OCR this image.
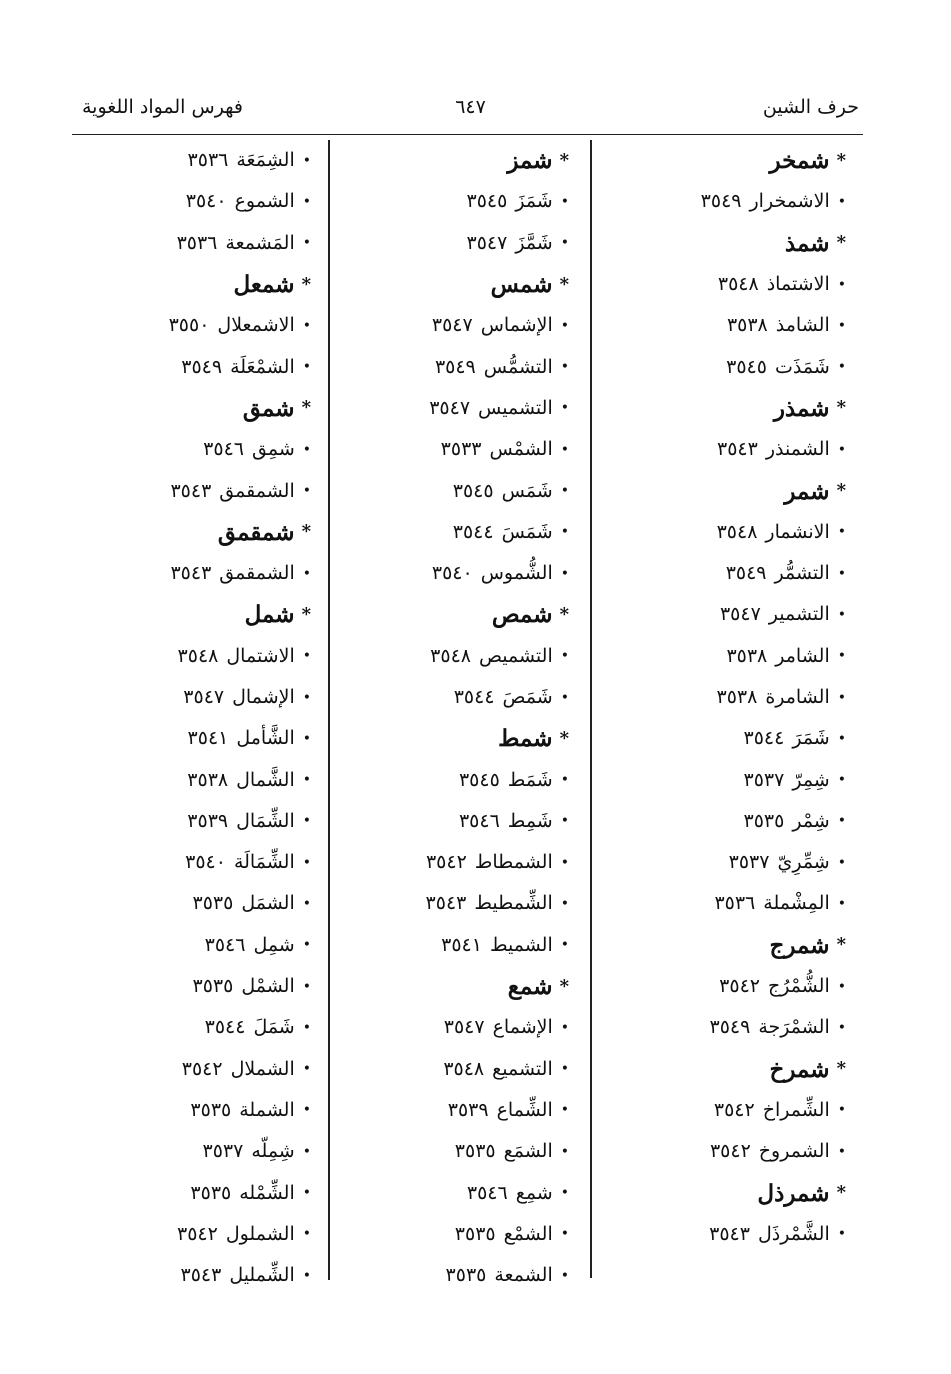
حرف الشين
٦٤٧
فهرس المواد اللغوية
*
شمخر
•
الاشمخرار
٣٥٤٩
*
شمذ
•
الاشتماذ
٣٥٤٨
•
الشامذ
٣٥٣٨
•
شَمَذَت
٣٥٤٥
*
شمذر
•
الشمنذر
٣٥٤٣
*
شمر
•
الانشمار
٣٥٤٨
•
التشمُّر
٣٥٤٩
•
التشمير
٣٥٤٧
•
الشامر
٣٥٣٨
•
الشامرة
٣٥٣٨
•
شَمَرَ
٣٥٤٤
•
شِمِرّ
٣٥٣٧
•
شِمْر
٣٥٣٥
•
شِمِّرِيّ
٣٥٣٧
•
المِشْملة
٣٥٣٦
*
شمرج
•
الشُّمْرُج
٣٥٤٢
•
الشمْرَجة
٣٥٤٩
*
شمرخ
•
الشِّمراخ
٣٥٤٢
•
الشمروخ
٣٥٤٢
*
شمرذل
•
الشَّمْرذَل
٣٥٤٣
*
شمز
•
شَمَزَ
٣٥٤٥
•
شَمَّزَ
٣٥٤٧
*
شمس
•
الإشماس
٣٥٤٧
•
التشمُّس
٣٥٤٩
•
التشميس
٣٥٤٧
•
الشمْس
٣٥٣٣
•
شَمَس
٣٥٤٥
•
شَمَسَ
٣٥٤٤
•
الشُّموس
٣٥٤٠
*
شمص
•
التشميص
٣٥٤٨
•
شَمَصَ
٣٥٤٤
*
شمط
•
شَمَط
٣٥٤٥
•
شَمِط
٣٥٤٦
•
الشمطاط
٣٥٤٢
•
الشِّمطيط
٣٥٤٣
•
الشميط
٣٥٤١
*
شمع
•
الإشماع
٣٥٤٧
•
التشميع
٣٥٤٨
•
الشِّماع
٣٥٣٩
•
الشمَع
٣٥٣٥
•
شمِع
٣٥٤٦
•
الشمْع
٣٥٣٥
•
الشمعة
٣٥٣٥
•
الشِمَعَة
٣٥٣٦
•
الشموع
٣٥٤٠
•
المَشمعة
٣٥٣٦
*
شمعل
•
الاشمعلال
٣٥٥٠
•
الشمْعَلَة
٣٥٤٩
*
شمق
•
شمِق
٣٥٤٦
•
الشمقمق
٣٥٤٣
*
شمقمق
•
الشمقمق
٣٥٤٣
*
شمل
•
الاشتمال
٣٥٤٨
•
الإشمال
٣٥٤٧
•
الشَّأمل
٣٥٤١
•
الشَّمال
٣٥٣٨
•
الشِّمَال
٣٥٣٩
•
الشِّمَالَة
٣٥٤٠
•
الشمَل
٣٥٣٥
•
شمِل
٣٥٤٦
•
الشمْل
٣٥٣٥
•
شَمَلَ
٣٥٤٤
•
الشملال
٣٥٤٢
•
الشملة
٣٥٣٥
•
شِمِلّه
٣٥٣٧
•
الشِّمْله
٣٥٣٥
•
الشملول
٣٥٤٢
•
الشِّمليل
٣٥٤٣
